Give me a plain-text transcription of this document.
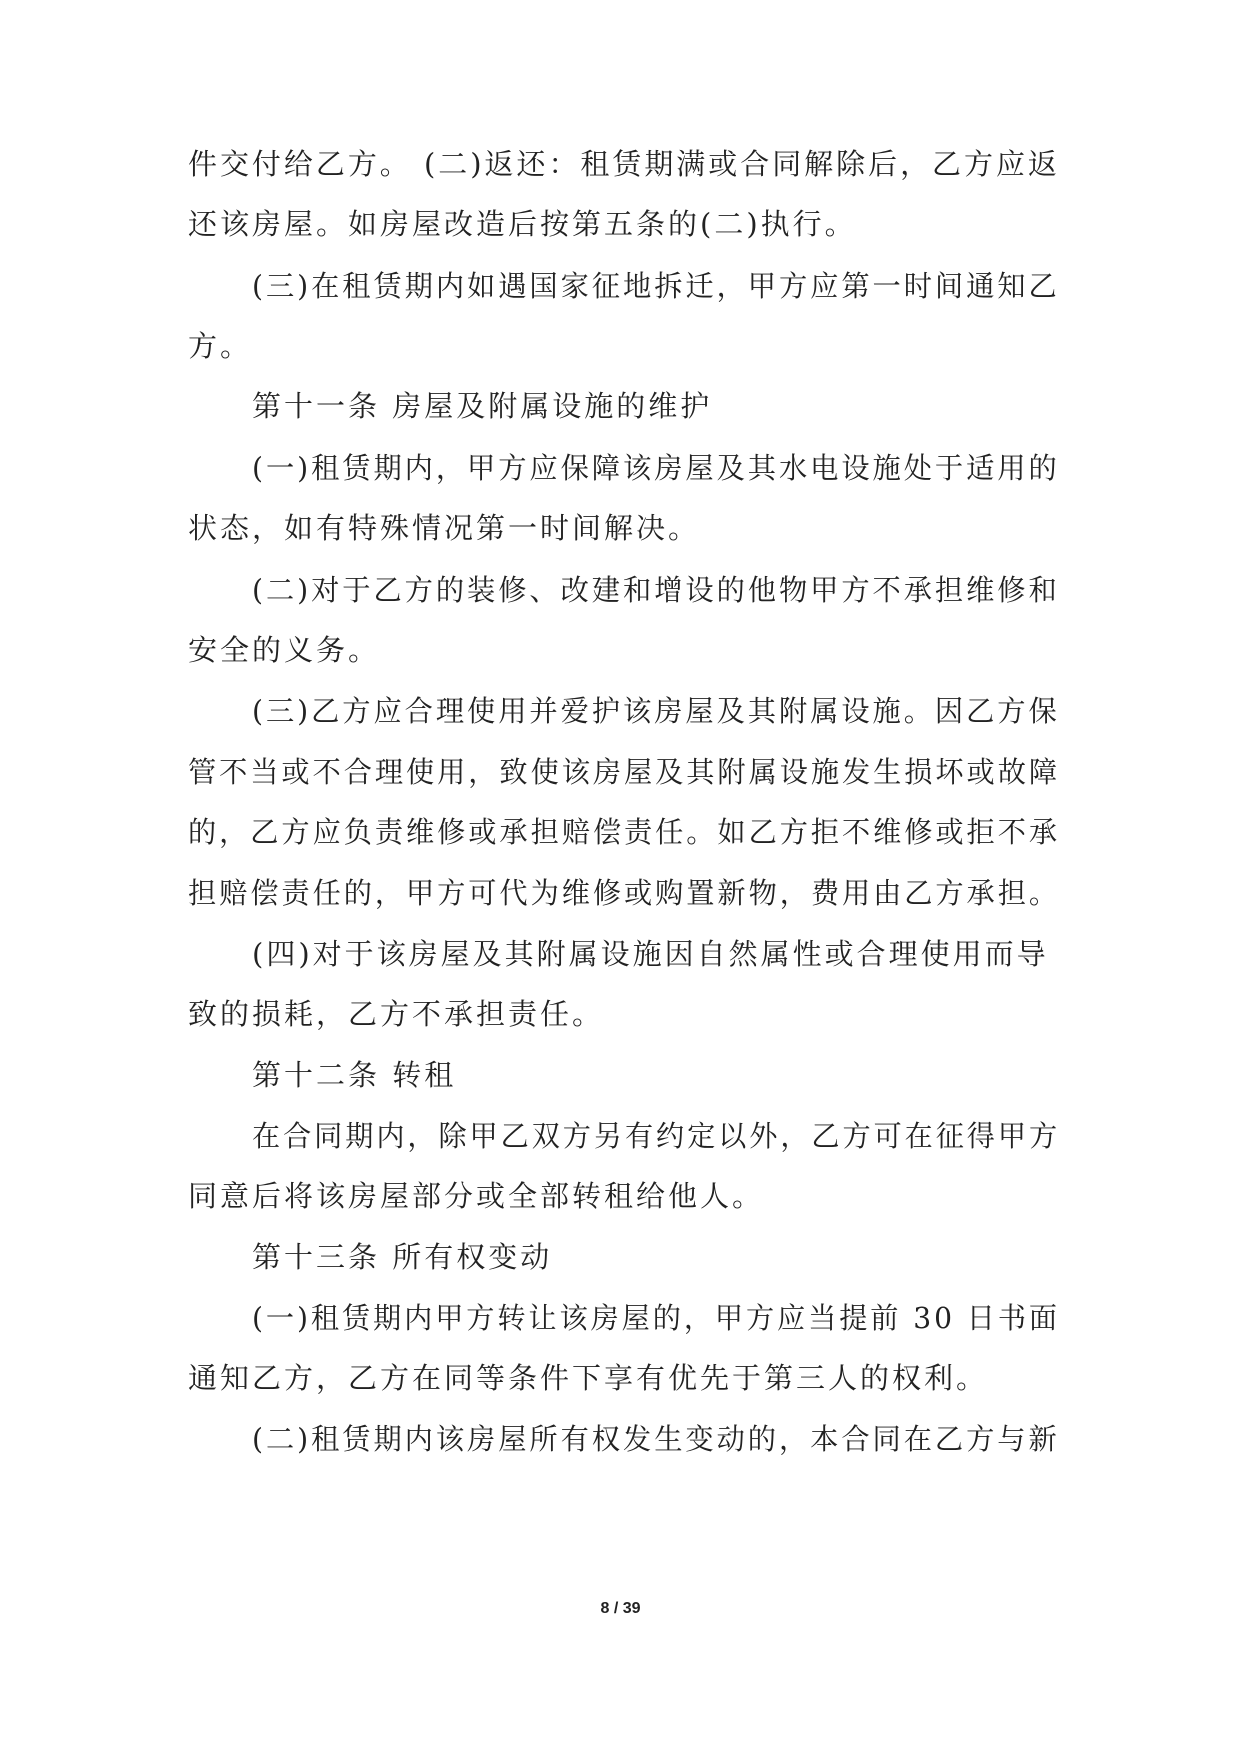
件交付给乙方。 (二)返还：租赁期满或合同解除后，乙方应返
还该房屋。如房屋改造后按第五条的(二)执行。
(三)在租赁期内如遇国家征地拆迁，甲方应第一时间通知乙
方。
第十一条 房屋及附属设施的维护
(一)租赁期内，甲方应保障该房屋及其水电设施处于适用的
状态，如有特殊情况第一时间解决。
(二)对于乙方的装修、改建和增设的他物甲方不承担维修和
安全的义务。
(三)乙方应合理使用并爱护该房屋及其附属设施。因乙方保
管不当或不合理使用，致使该房屋及其附属设施发生损坏或故障
的，乙方应负责维修或承担赔偿责任。如乙方拒不维修或拒不承
担赔偿责任的，甲方可代为维修或购置新物，费用由乙方承担。
(四)对于该房屋及其附属设施因自然属性或合理使用而导
致的损耗，乙方不承担责任。
第十二条 转租
在合同期内，除甲乙双方另有约定以外，乙方可在征得甲方
同意后将该房屋部分或全部转租给他人。
第十三条 所有权变动
(一)租赁期内甲方转让该房屋的，甲方应当提前 30 日书面
通知乙方，乙方在同等条件下享有优先于第三人的权利。
(二)租赁期内该房屋所有权发生变动的，本合同在乙方与新
8 / 39
